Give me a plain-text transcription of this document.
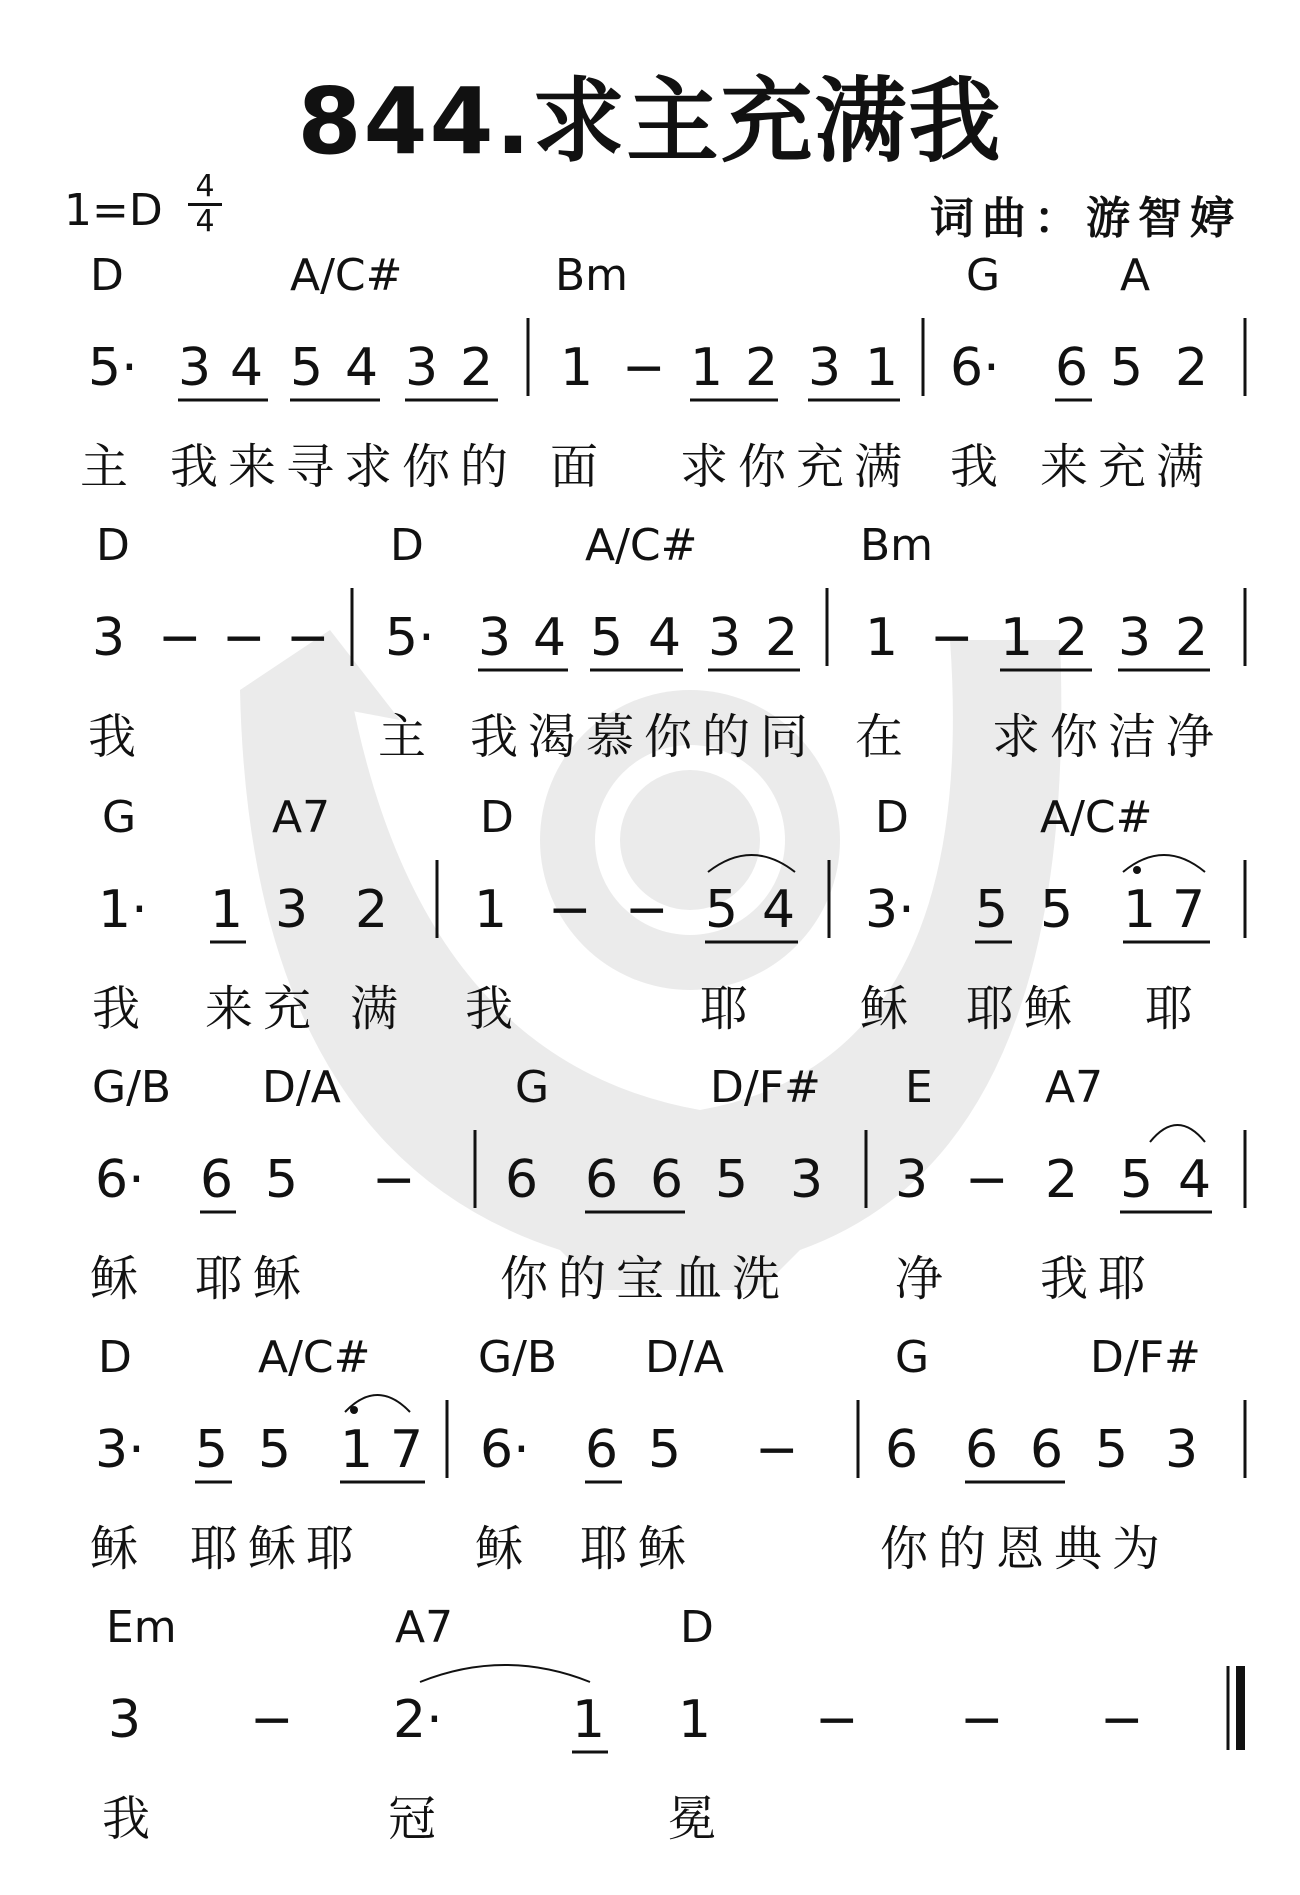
844.求主充满我
1=D 4
4	词曲：游智婷
D	A/C#	Bm	G	A
5· 3 4 5 4 3 2 1 − 1 2 3 1 6· 6 5 2
主 我来寻求你的 面 求你充满 我 来充满
D	D	A/C#	Bm
3 − − − 5· 3 4 5 4 3 2 1 − 1 2 3 2
我	主 我渴慕你的同 在 求你洁净
G	A7	D	D	A/C#
1· 1 3 2 1 − − 5 4 3· 5 5 1 7
我 来充 满 我	耶 稣 耶稣 耶
G/B D/A	G	D/F# E	A7
6· 6 5 − 6 6 6 5 3 3 − 2 5 4
稣 耶稣	你的宝血洗 净 我耶
D	A/C# G/B D/A	G	D/F#
3· 5 5 1 7 6· 6 5 − 6 6 6 5 3
稣 耶稣耶 稣 耶稣	你的恩典为
Em	A7	D
3 − 2· 1 1 − − −
我	冠	冕
